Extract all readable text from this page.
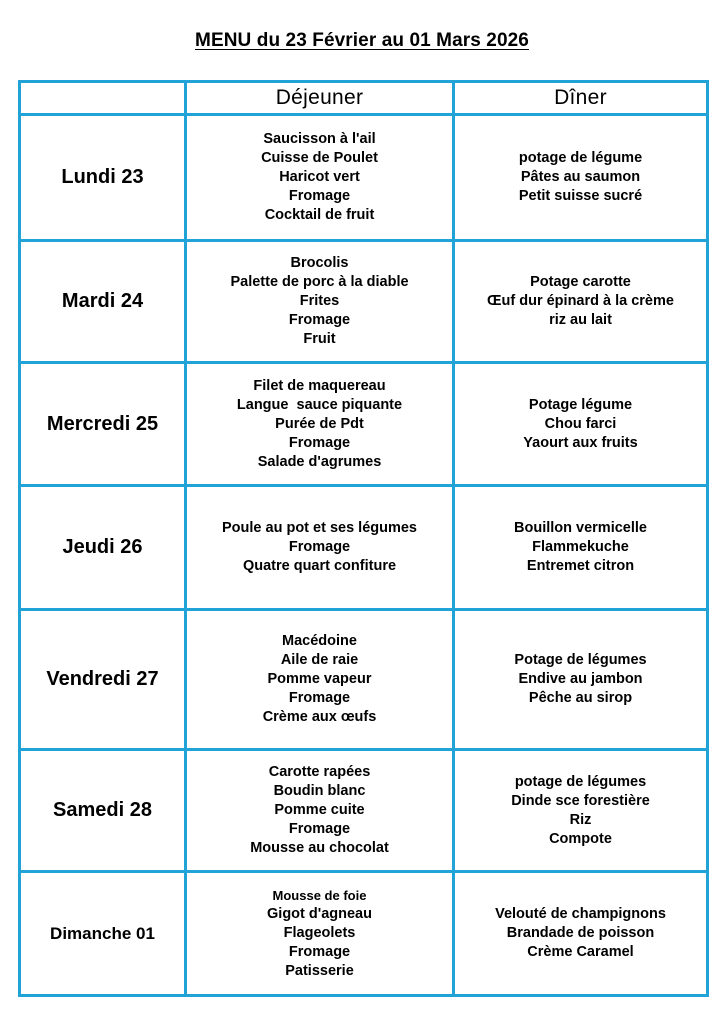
MENU du 23 Février au 01 Mars 2026
	Déjeuner	Dîner
Lundi 23	Saucisson à l'ail
Cuisse de Poulet
Haricot vert
Fromage
Cocktail de fruit	potage de légume
Pâtes au saumon
Petit suisse sucré

Mardi 24	Brocolis
Palette de porc à la diable
Frites
Fromage
Fruit	Potage carotte
Œuf dur épinard à la crème
riz au lait

Mercredi 25	Filet de maquereau
Langue  sauce piquante
Purée de Pdt
Fromage
Salade d'agrumes	Potage légume
Chou farci
Yaourt aux fruits

Jeudi 26	Poule au pot et ses légumes
Fromage
Quatre quart confiture	Bouillon vermicelle
Flammekuche
Entremet citron

Vendredi 27	Macédoine
Aile de raie
Pomme vapeur
Fromage
Crème aux œufs	Potage de légumes
Endive au jambon
Pêche au sirop

Samedi 28	Carotte rapées
Boudin blanc
Pomme cuite
Fromage
Mousse au chocolat	potage de légumes
Dinde sce forestière
Riz
Compote

Dimanche 01	Mousse de foie
Gigot d'agneau
Flageolets
Fromage
Patisserie	Velouté de champignons
Brandade de poisson
Crème Caramel
